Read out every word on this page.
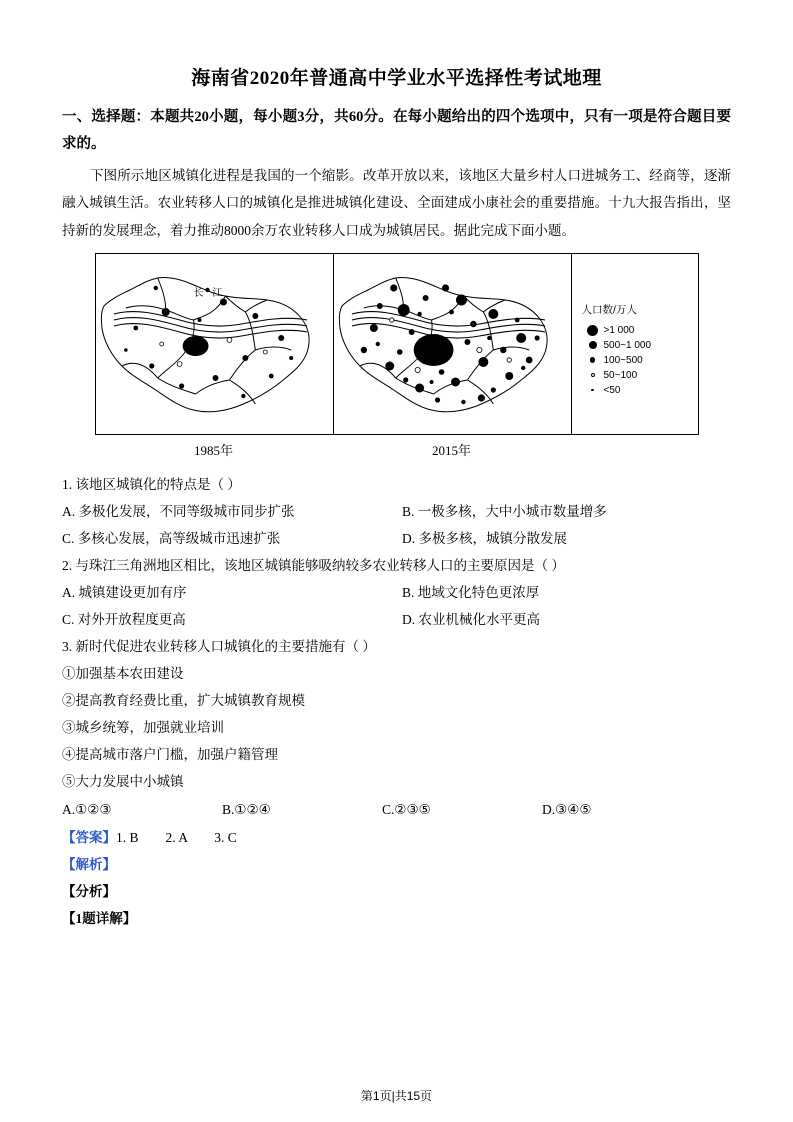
海南省2020年普通高中学业水平选择性考试地理
一、选择题：本题共20小题，每小题3分，共60分。在每小题给出的四个选项中，只有一项是符合题目要求的。
下图所示地区城镇化进程是我国的一个缩影。改革开放以来，该地区大量乡村人口进城务工、经商等，逐渐融入城镇生活。农业转移人口的城镇化是推进城镇化建设、全面建成小康社会的重要措施。十九大报告指出，坚持新的发展理念，着力推动8000余万农业转移人口成为城镇居民。据此完成下面小题。
长 江
人口数/万人
>1 000
500~1 000
100~500
50~100
<50
1985年	2015年
1. 该地区城镇化的特点是（ ）
A. 多极化发展，不同等级城市同步扩张	B. 一极多核，大中小城市数量增多
C. 多核心发展，高等级城市迅速扩张	D. 多极多核，城镇分散发展
2. 与珠江三角洲地区相比，该地区城镇能够吸纳较多农业转移人口的主要原因是（ ）
A. 城镇建设更加有序	B. 地域文化特色更浓厚
C. 对外开放程度更高	D. 农业机械化水平更高
3. 新时代促进农业转移人口城镇化的主要措施有（ ）
①加强基本农田建设
②提高教育经费比重，扩大城镇教育规模
③城乡统筹，加强就业培训
④提高城市落户门槛，加强户籍管理
⑤大力发展中小城镇
A.①②③	B.①②④	C.②③⑤	D.③④⑤
【答案】1. B　　2. A　　3. C
【解析】
【分析】
【1题详解】
第1页|共15页
